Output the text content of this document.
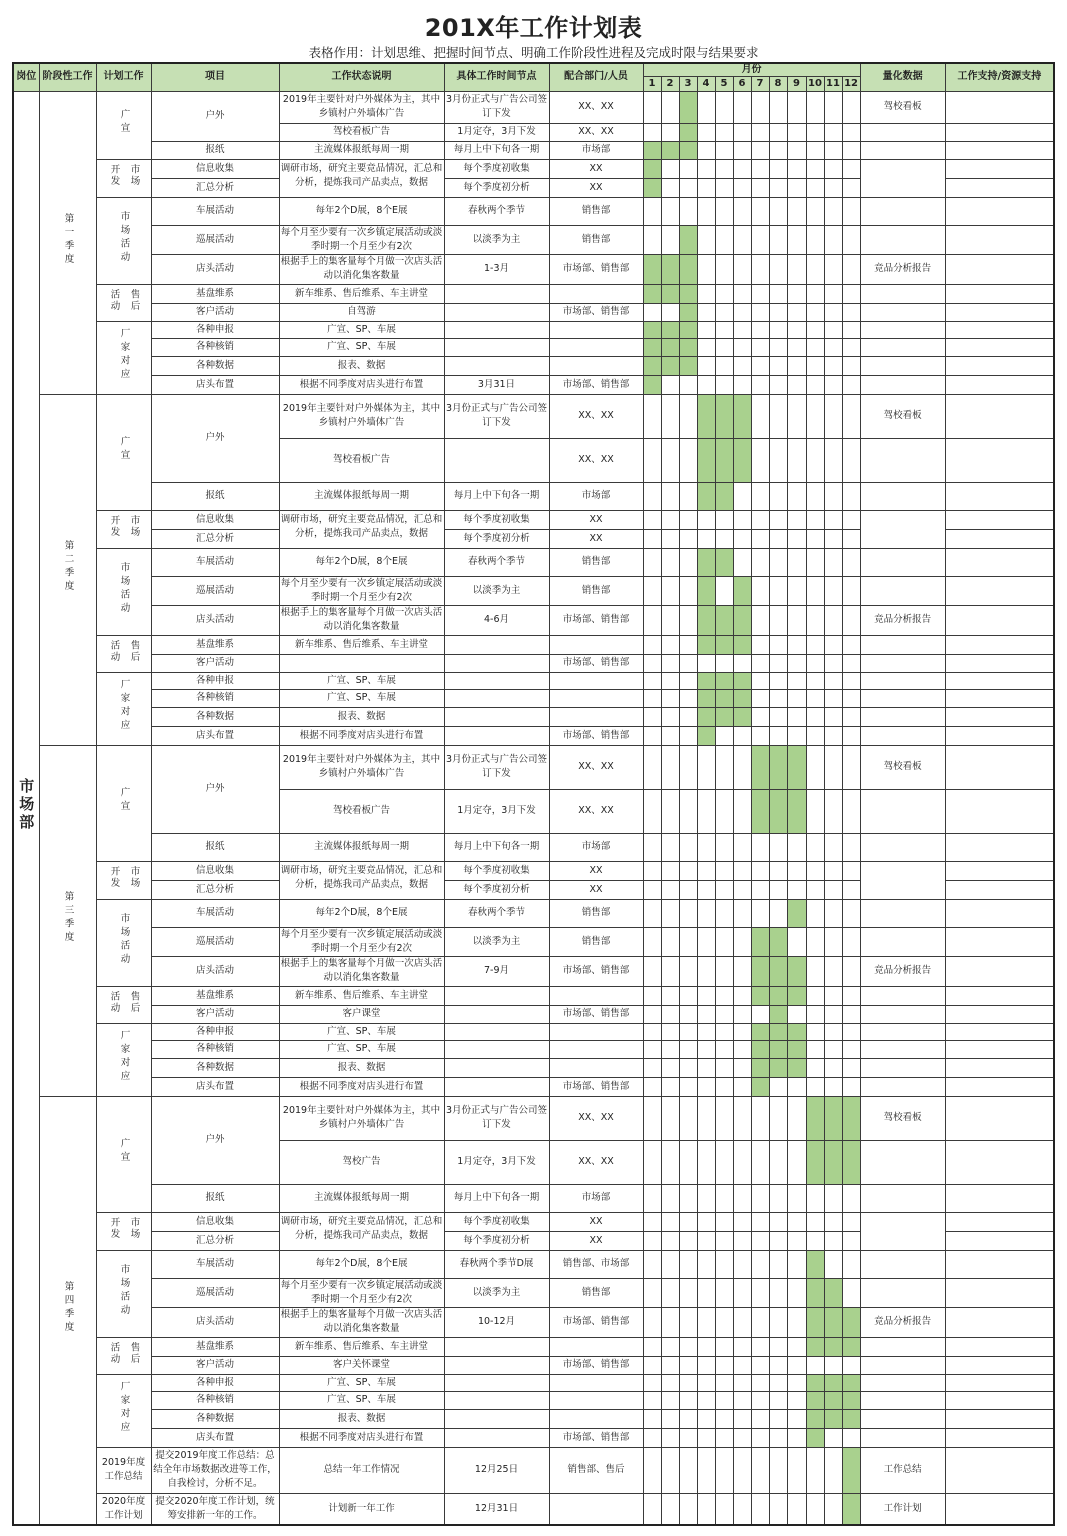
201X年工作计划表
表格作用：计划思维、把握时间节点、明确工作阶段性进程及完成时限与结果要求
岗位	阶段性工作	计划工作	项目	工作状态说明	具体工作时间节点	配合部门/人员	月份												量化数据	工作支持/资源支持
							1	2	3	4	5	6	7	8	9	10	11	12		
市场部	第一季度	广宣	户外	2019年主要针对户外媒体为主，其中乡镇村户外墙体广告	3月份正式与广告公司签订下发	XX、XX													驾校看板	
				驾校看板广告	1月定夺，3月下发	XX、XX														
			报纸	主流媒体报纸每周一期	每月上中下旬各一期	市场部														
		开发市场	信息收集	调研市场，研究主要竞品情况，汇总和分析，提炼我司产品卖点，数据	每个季度初收集	XX														
			汇总分析		每个季度初分析	XX														
		市场活动	车展活动	每年2个D展，8个E展	春秋两个季节	销售部														
			巡展活动	每个月至少要有一次乡镇定展活动或淡季时期一个月至少有2次	以淡季为主	销售部														
			店头活动	根据手上的集客量每个月做一次店头活动以消化集客数量	1-3月	市场部、销售部													竞品分析报告	
		售后活动	基盘维系	新车维系、售后维系、车主讲堂																
			客户活动	自驾游		市场部、销售部														
		厂家对应	各种申报	广宣、SP、车展																
			各种核销	广宣、SP、车展																
			各种数据	报表、数据																
			店头布置	根据不同季度对店头进行布置	3月31日	市场部、销售部														
	第二季度	广宣	户外	2019年主要针对户外媒体为主，其中乡镇村户外墙体广告	3月份正式与广告公司签订下发	XX、XX													驾校看板	
				驾校看板广告		XX、XX														
			报纸	主流媒体报纸每周一期	每月上中下旬各一期	市场部														
		开发市场	信息收集	调研市场，研究主要竞品情况，汇总和分析，提炼我司产品卖点，数据	每个季度初收集	XX														
			汇总分析		每个季度初分析	XX														
		市场活动	车展活动	每年2个D展，8个E展	春秋两个季节	销售部														
			巡展活动	每个月至少要有一次乡镇定展活动或淡季时期一个月至少有2次	以淡季为主	销售部														
			店头活动	根据手上的集客量每个月做一次店头活动以消化集客数量	4-6月	市场部、销售部													竞品分析报告	
		售后活动	基盘维系	新车维系、售后维系、车主讲堂																
			客户活动			市场部、销售部														
		厂家对应	各种申报	广宣、SP、车展																
			各种核销	广宣、SP、车展																
			各种数据	报表、数据																
			店头布置	根据不同季度对店头进行布置		市场部、销售部														
	第三季度	广宣	户外	2019年主要针对户外媒体为主，其中乡镇村户外墙体广告	3月份正式与广告公司签订下发	XX、XX													驾校看板	
				驾校看板广告	1月定夺，3月下发	XX、XX														
			报纸	主流媒体报纸每周一期	每月上中下旬各一期	市场部														
		开发市场	信息收集	调研市场，研究主要竞品情况，汇总和分析，提炼我司产品卖点，数据	每个季度初收集	XX														
			汇总分析		每个季度初分析	XX														
		市场活动	车展活动	每年2个D展，8个E展	春秋两个季节	销售部														
			巡展活动	每个月至少要有一次乡镇定展活动或淡季时期一个月至少有2次	以淡季为主	销售部														
			店头活动	根据手上的集客量每个月做一次店头活动以消化集客数量	7-9月	市场部、销售部													竞品分析报告	
		售后活动	基盘维系	新车维系、售后维系、车主讲堂																
			客户活动	客户课堂		市场部、销售部														
		厂家对应	各种申报	广宣、SP、车展																
			各种核销	广宣、SP、车展																
			各种数据	报表、数据																
			店头布置	根据不同季度对店头进行布置		市场部、销售部														
	第四季度	广宣	户外	2019年主要针对户外媒体为主，其中乡镇村户外墙体广告	3月份正式与广告公司签订下发	XX、XX													驾校看板	
				驾校广告	1月定夺，3月下发	XX、XX														
			报纸	主流媒体报纸每周一期	每月上中下旬各一期	市场部														
		开发市场	信息收集	调研市场，研究主要竞品情况，汇总和分析，提炼我司产品卖点，数据	每个季度初收集	XX														
			汇总分析		每个季度初分析	XX														
		市场活动	车展活动	每年2个D展，8个E展	春秋两个季节D展	销售部、市场部														
			巡展活动	每个月至少要有一次乡镇定展活动或淡季时期一个月至少有2次	以淡季为主	销售部														
			店头活动	根据手上的集客量每个月做一次店头活动以消化集客数量	10-12月	市场部、销售部													竞品分析报告	
		售后活动	基盘维系	新车维系、售后维系、车主讲堂																
			客户活动	客户关怀课堂		市场部、销售部														
		厂家对应	各种申报	广宣、SP、车展																
			各种核销	广宣、SP、车展																
			各种数据	报表、数据																
			店头布置	根据不同季度对店头进行布置		市场部、销售部														
		2019年度工作总结	提交2019年度工作总结：总结全年市场数据改进等工作，自我检讨，分析不足。	总结一年工作情况	12月25日	销售部、售后													工作总结	
		2020年度工作计划	提交2020年度工作计划，统筹安排新一年的工作。	计划新一年工作	12月31日														工作计划	
